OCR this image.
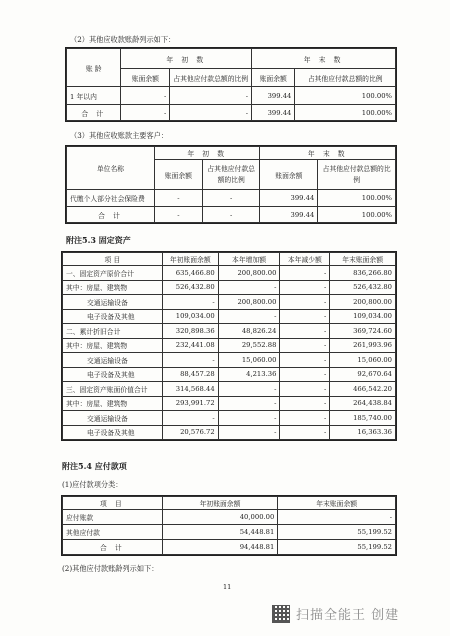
（2）其他应收款账龄列示如下：
账 龄	年 初 数		年 末 数	
	账面余额	占其他应付款总额的比例	账面余额	占其他应付款总额的比例
1 年以内	-	-	399.44	100.00%
合 计	-	-	399.44	100.00%
（3）其他应收账款主要客户：
单位名称	年 初 数		年 末 数	
	账面余额	占其他应付款总额的比例	账面余额	占其他应付款总额的比例
代缴个人部分社会保险费	-	-	399.44	100.00%
合 计	-	-	399.44	100.00%
附注5.3 固定资产
项 目	年初账面余额	本年增加额	本年减少额	年末账面余额
一、固定资产原价合计	635,466.80	200,800.00	-	836,266.80
其中：房屋、建筑物	526,432.80	-	-	526,432.80
交通运输设备	-	200,800.00	-	200,800.00
电子设备及其他	109,034.00	-	-	109,034.00
二、累计折旧合计	320,898.36	48,826.24	-	369,724.60
其中：房屋、建筑物	232,441.08	29,552.88	-	261,993.96
交通运输设备	-	15,060.00	-	15,060.00
电子设备及其他	88,457.28	4,213.36	-	92,670.64
三、固定资产账面价值合计	314,568.44	-	-	466,542.20
其中：房屋、建筑物	293,991.72	-	-	264,438.84
交通运输设备	-	-	-	185,740.00
电子设备及其他	20,576.72	-	-	16,363.36
附注5.4 应付款项
(1)应付款项分类：
项 目	年初账面余额	年末账面余额
应付账款	40,000.00	-
其他应付款	54,448.81	55,199.52
合 计	94,448.81	55,199.52
(2)其他应付款账龄列示如下：
11
扫描全能王 创建
